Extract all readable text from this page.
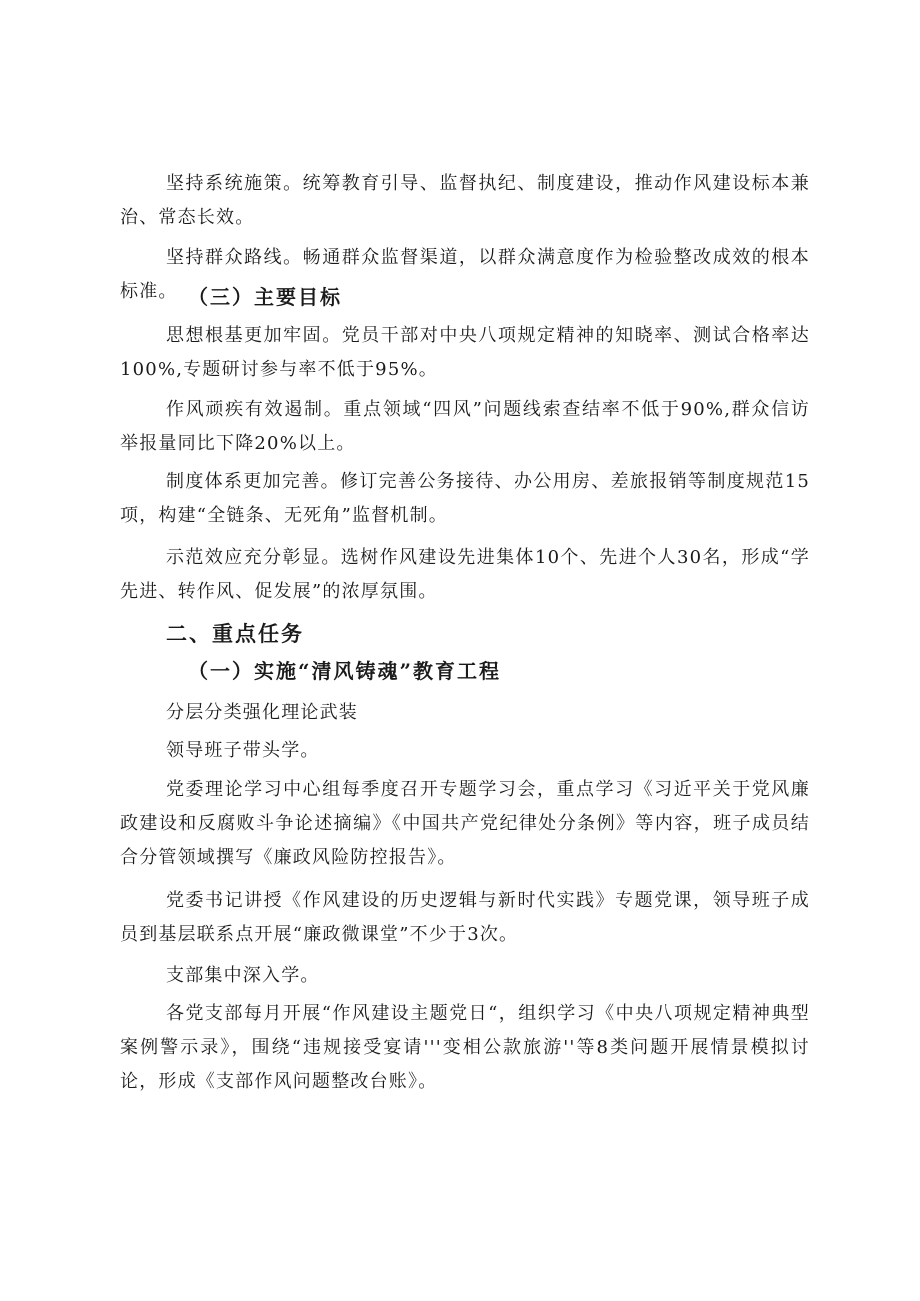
坚持系统施策。统筹教育引导、监督执纪、制度建设，推动作风建设标本兼治、常态长效。

坚持群众路线。畅通群众监督渠道，以群众满意度作为检验整改成效的根本标准。 （三）主要目标

思想根基更加牢固。党员干部对中央八项规定精神的知晓率、测试合格率达100%,专题研讨参与率不低于95%。

作风顽疾有效遏制。重点领域“四风”问题线索查结率不低于90%,群众信访举报量同比下降20%以上。

制度体系更加完善。修订完善公务接待、办公用房、差旅报销等制度规范15项，构建“全链条、无死角”监督机制。

示范效应充分彰显。选树作风建设先进集体10个、先进个人30名，形成“学先进、转作风、促发展”的浓厚氛围。

二、重点任务
（一）实施“清风铸魂”教育工程

分层分类强化理论武装

领导班子带头学。

党委理论学习中心组每季度召开专题学习会，重点学习《习近平关于党风廉政建设和反腐败斗争论述摘编》《中国共产党纪律处分条例》等内容，班子成员结合分管领域撰写《廉政风险防控报告》。

党委书记讲授《作风建设的历史逻辑与新时代实践》专题党课，领导班子成员到基层联系点开展“廉政微课堂”不少于3次。

支部集中深入学。

各党支部每月开展“作风建设主题党日“，组织学习《中央八项规定精神典型案例警示录》，围绕“违规接受宴请'''变相公款旅游''等8类问题开展情景模拟讨论，形成《支部作风问题整改台账》。
